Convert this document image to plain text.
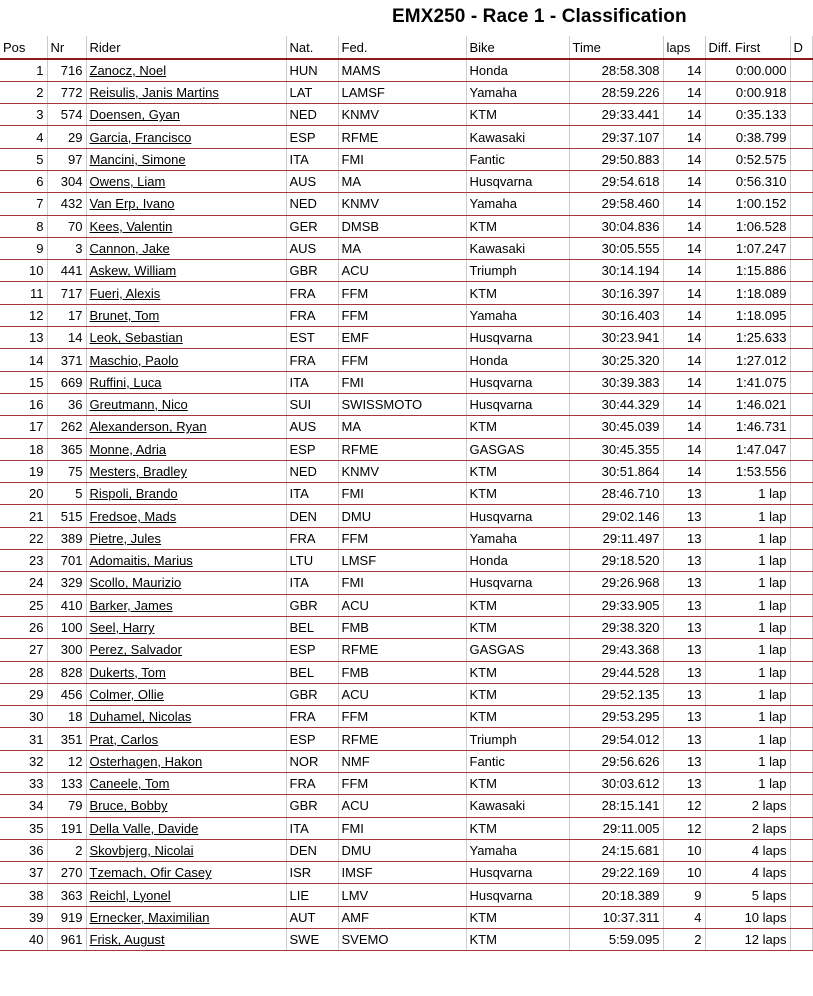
EMX250 - Race 1 - Classification
Pos	Nr	Rider	Nat.	Fed.	Bike	Time	laps	Diff. First	D
1	716	Zanocz, Noel	HUN	MAMS	Honda	28:58.308	14	0:00.000	
2	772	Reisulis, Janis Martins	LAT	LAMSF	Yamaha	28:59.226	14	0:00.918	
3	574	Doensen, Gyan	NED	KNMV	KTM	29:33.441	14	0:35.133	
4	29	Garcia, Francisco	ESP	RFME	Kawasaki	29:37.107	14	0:38.799	
5	97	Mancini, Simone	ITA	FMI	Fantic	29:50.883	14	0:52.575	
6	304	Owens, Liam	AUS	MA	Husqvarna	29:54.618	14	0:56.310	
7	432	Van Erp, Ivano	NED	KNMV	Yamaha	29:58.460	14	1:00.152	
8	70	Kees, Valentin	GER	DMSB	KTM	30:04.836	14	1:06.528	
9	3	Cannon, Jake	AUS	MA	Kawasaki	30:05.555	14	1:07.247	
10	441	Askew, William	GBR	ACU	Triumph	30:14.194	14	1:15.886	
11	717	Fueri, Alexis	FRA	FFM	KTM	30:16.397	14	1:18.089	
12	17	Brunet, Tom	FRA	FFM	Yamaha	30:16.403	14	1:18.095	
13	14	Leok, Sebastian	EST	EMF	Husqvarna	30:23.941	14	1:25.633	
14	371	Maschio, Paolo	FRA	FFM	Honda	30:25.320	14	1:27.012	
15	669	Ruffini, Luca	ITA	FMI	Husqvarna	30:39.383	14	1:41.075	
16	36	Greutmann, Nico	SUI	SWISSMOTO	Husqvarna	30:44.329	14	1:46.021	
17	262	Alexanderson, Ryan	AUS	MA	KTM	30:45.039	14	1:46.731	
18	365	Monne, Adria	ESP	RFME	GASGAS	30:45.355	14	1:47.047	
19	75	Mesters, Bradley	NED	KNMV	KTM	30:51.864	14	1:53.556	
20	5	Rispoli, Brando	ITA	FMI	KTM	28:46.710	13	1 lap	
21	515	Fredsoe, Mads	DEN	DMU	Husqvarna	29:02.146	13	1 lap	
22	389	Pietre, Jules	FRA	FFM	Yamaha	29:11.497	13	1 lap	
23	701	Adomaitis, Marius	LTU	LMSF	Honda	29:18.520	13	1 lap	
24	329	Scollo, Maurizio	ITA	FMI	Husqvarna	29:26.968	13	1 lap	
25	410	Barker, James	GBR	ACU	KTM	29:33.905	13	1 lap	
26	100	Seel, Harry	BEL	FMB	KTM	29:38.320	13	1 lap	
27	300	Perez, Salvador	ESP	RFME	GASGAS	29:43.368	13	1 lap	
28	828	Dukerts, Tom	BEL	FMB	KTM	29:44.528	13	1 lap	
29	456	Colmer, Ollie	GBR	ACU	KTM	29:52.135	13	1 lap	
30	18	Duhamel, Nicolas	FRA	FFM	KTM	29:53.295	13	1 lap	
31	351	Prat, Carlos	ESP	RFME	Triumph	29:54.012	13	1 lap	
32	12	Osterhagen, Hakon	NOR	NMF	Fantic	29:56.626	13	1 lap	
33	133	Caneele, Tom	FRA	FFM	KTM	30:03.612	13	1 lap	
34	79	Bruce, Bobby	GBR	ACU	Kawasaki	28:15.141	12	2 laps	
35	191	Della Valle, Davide	ITA	FMI	KTM	29:11.005	12	2 laps	
36	2	Skovbjerg, Nicolai	DEN	DMU	Yamaha	24:15.681	10	4 laps	
37	270	Tzemach, Ofir Casey	ISR	IMSF	Husqvarna	29:22.169	10	4 laps	
38	363	Reichl, Lyonel	LIE	LMV	Husqvarna	20:18.389	9	5 laps	
39	919	Ernecker, Maximilian	AUT	AMF	KTM	10:37.311	4	10 laps	
40	961	Frisk, August	SWE	SVEMO	KTM	5:59.095	2	12 laps	
